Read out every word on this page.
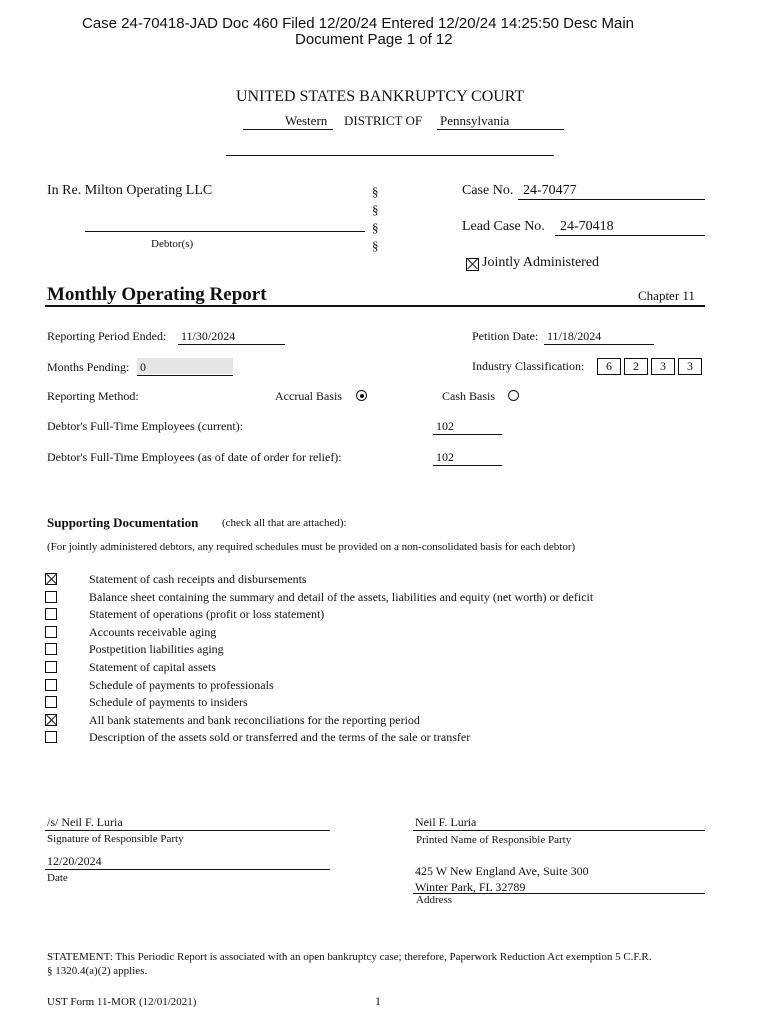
Case 24-70418-JAD Doc 460 Filed 12/20/24 Entered 12/20/24 14:25:50 Desc Main
Document Page 1 of 12
UNITED STATES BANKRUPTCY COURT
Western DISTRICT OF Pennsylvania
In Re. Milton Operating LLC
Debtor(s)
§
§
§
§
Case No. 24-70477
Lead Case No. 24-70418
Jointly Administered
Monthly Operating Report	Chapter 11
Reporting Period Ended: 11/30/2024	Petition Date: 11/18/2024
Months Pending: 0	Industry Classification:	6	2	3	3
Reporting Method:	Accrual Basis	Cash Basis
Debtor's Full-Time Employees (current):	102
Debtor's Full-Time Employees (as of date of order for relief):	102
Supporting Documentation (check all that are attached):
(For jointly administered debtors, any required schedules must be provided on a non-consolidated basis for each debtor)
Statement of cash receipts and disbursements
Balance sheet containing the summary and detail of the assets, liabilities and equity (net worth) or deficit
Statement of operations (profit or loss statement)
Accounts receivable aging
Postpetition liabilities aging
Statement of capital assets
Schedule of payments to professionals
Schedule of payments to insiders
All bank statements and bank reconciliations for the reporting period
Description of the assets sold or transferred and the terms of the sale or transfer
/s/ Neil F. Luria
Signature of Responsible Party
12/20/2024
Date
Neil F. Luria
Printed Name of Responsible Party
425 W New England Ave, Suite 300
Winter Park, FL 32789
Address
STATEMENT: This Periodic Report is associated with an open bankruptcy case; therefore, Paperwork Reduction Act exemption 5 C.F.R.
§ 1320.4(a)(2) applies.
UST Form 11-MOR (12/01/2021)	1
